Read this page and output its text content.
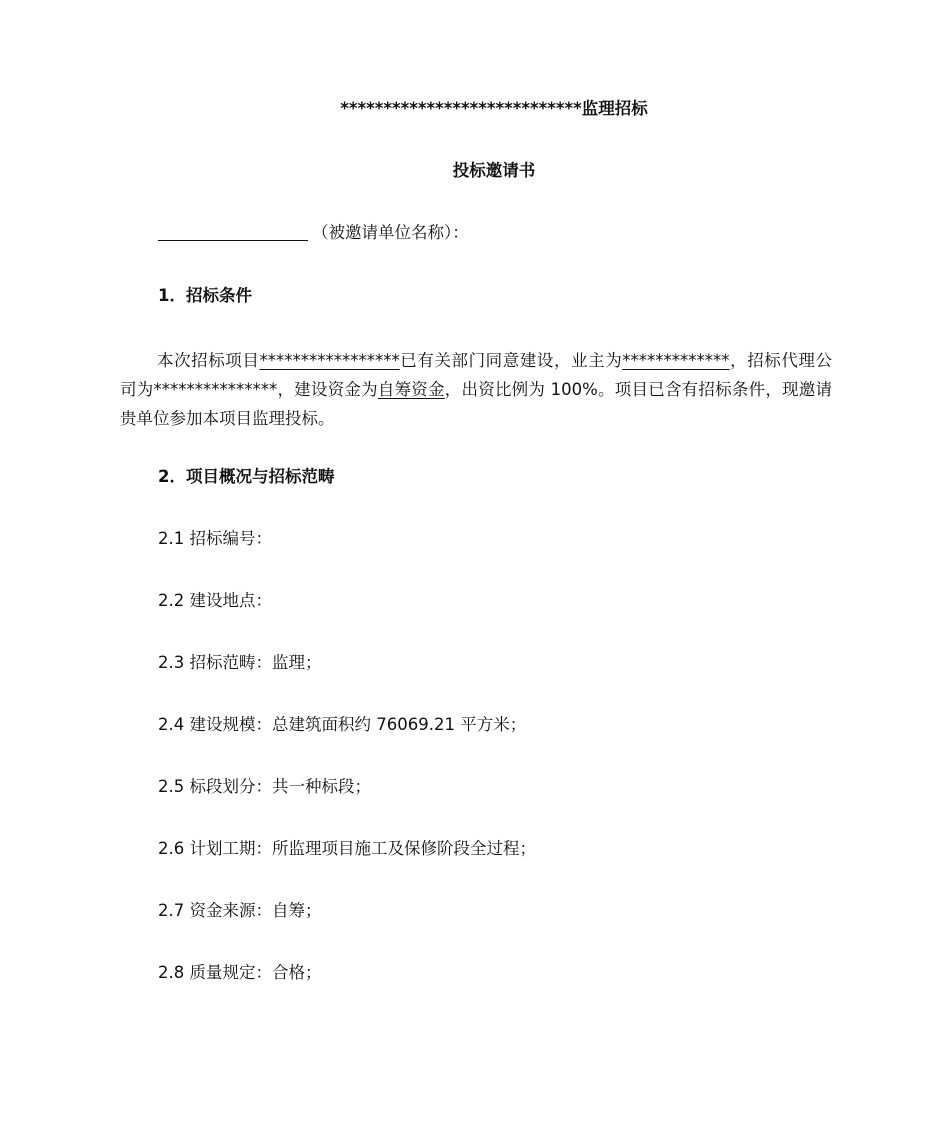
****************************监理招标
投标邀请书
（被邀请单位名称）：
1．招标条件
本次招标项目*****************已有关部门同意建设，业主为*************，招标代理公司为***************，建设资金为自筹资金，出资比例为 100%。项目已含有招标条件，现邀请贵单位参加本项目监理投标。
2．项目概况与招标范畴
2.1 招标编号：
2.2 建设地点：
2.3 招标范畴：监理；
2.4 建设规模：总建筑面积约 76069.21 平方米；
2.5 标段划分：共一种标段；
2.6 计划工期：所监理项目施工及保修阶段全过程；
2.7 资金来源：自筹；
2.8 质量规定：合格；
